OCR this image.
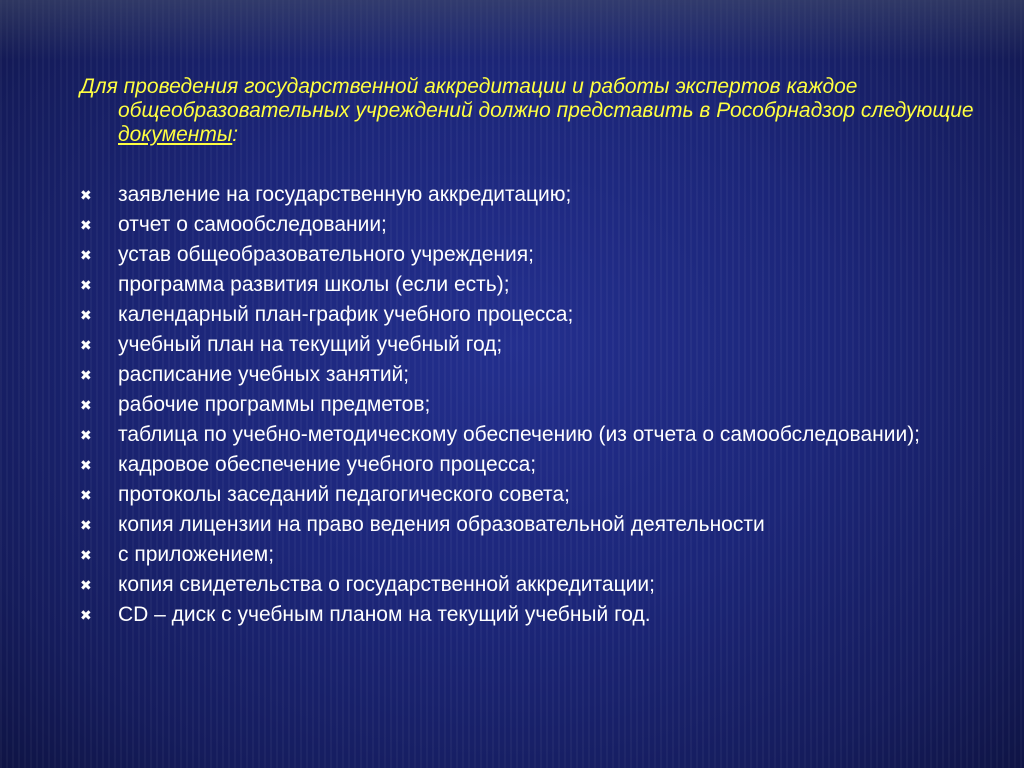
Для проведения государственной аккредитации и работы экспертов каждое общеобразовательных учреждений должно представить в Рособрнадзор следующие документы:

✖ заявление на государственную аккредитацию;
✖ отчет о самообследовании;
✖ устав общеобразовательного учреждения;
✖ программа развития школы (если есть);
✖ календарный план-график учебного процесса;
✖ учебный план на текущий учебный год;
✖ расписание учебных занятий;
✖ рабочие программы предметов;
✖ таблица по учебно-методическому обеспечению (из отчета о самообследовании);
✖ кадровое обеспечение учебного процесса;
✖ протоколы заседаний педагогического совета;
✖ копия лицензии на право ведения образовательной деятельности
✖ с приложением;
✖ копия свидетельства о государственной аккредитации;
✖ CD – диск с учебным планом на текущий учебный год.
